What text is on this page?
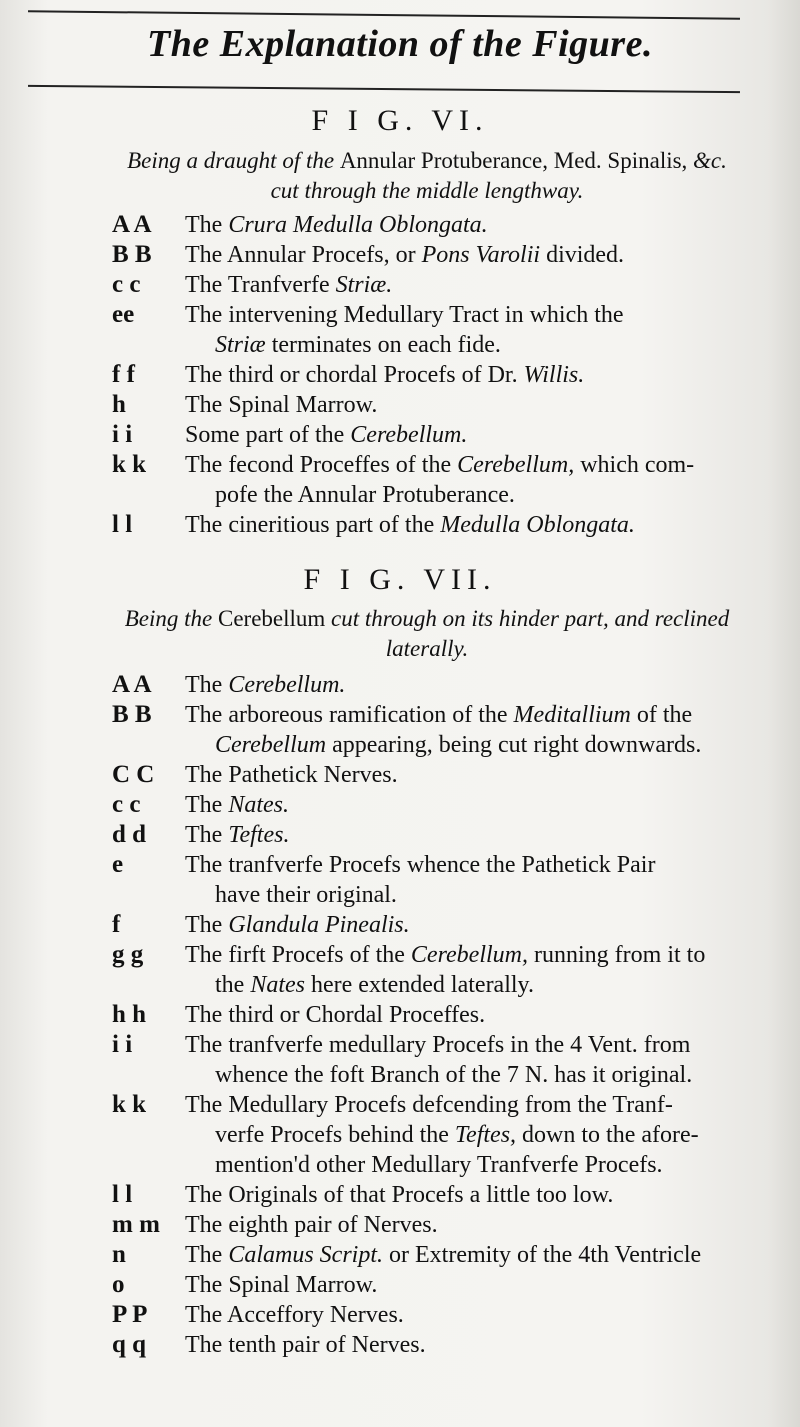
The Explanation of the Figure.
F I G. VI.
Being a draught of the Annular Protuberance, Med. Spinalis, &c. cut through the middle lengthway.
A A	The Crura Medulla Oblongata.
B B	The Annular Procefs, or Pons Varolii divided.
c c	The Tranfverfe Striæ.
ee	The intervening Medullary Tract in which the
Striæ terminates on each fide.
f f	The third or chordal Procefs of Dr. Willis.
h	The Spinal Marrow.
i i	Some part of the Cerebellum.
k k	The fecond Proceffes of the Cerebellum, which com-
pofe the Annular Protuberance.
l l	The cineritious part of the Medulla Oblongata.
F I G. VII.
Being the Cerebellum cut through on its hinder part, and reclined laterally.
A A	The Cerebellum.
B B	The arboreous ramification of the Meditallium of the
Cerebellum appearing, being cut right downwards.
C C	The Pathetick Nerves.
c c	The Nates.
d d	The Teftes.
e	The tranfverfe Procefs whence the Pathetick Pair
have their original.
f	The Glandula Pinealis.
g g	The firft Procefs of the Cerebellum, running from it to
the Nates here extended laterally.
h h	The third or Chordal Proceffes.
i i	The tranfverfe medullary Procefs in the 4 Vent. from
whence the foft Branch of the 7 N. has it original.
k k	The Medullary Procefs defcending from the Tranf-
verfe Procefs behind the Teftes, down to the afore-
mention'd other Medullary Tranfverfe Procefs.
l l	The Originals of that Procefs a little too low.
m m	The eighth pair of Nerves.
n	The Calamus Script. or Extremity of the 4th Ventricle
o	The Spinal Marrow.
P P	The Acceffory Nerves.
q q	The tenth pair of Nerves.
